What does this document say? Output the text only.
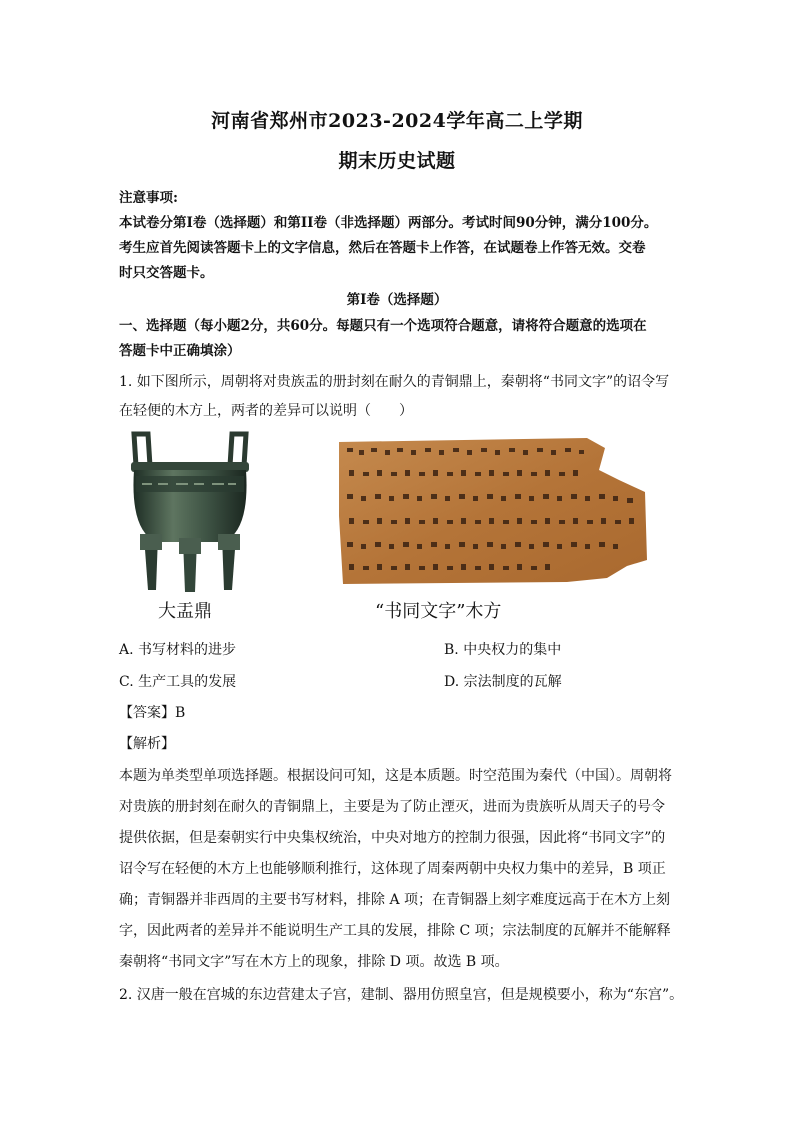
河南省郑州市2023-2024学年高二上学期
期末历史试题
注意事项:
本试卷分第I卷（选择题）和第II卷（非选择题）两部分。考试时间90分钟，满分100分。
考生应首先阅读答题卡上的文字信息，然后在答题卡上作答，在试题卷上作答无效。交卷
时只交答题卡。
第I卷（选择题）
一、选择题（每小题2分，共60分。每题只有一个选项符合题意，请将符合题意的选项在
答题卡中正确填涂）
1. 如下图所示，周朝将对贵族盂的册封刻在耐久的青铜鼎上，秦朝将“书同文字”的诏令写
在轻便的木方上，两者的差异可以说明（　　）
大盂鼎	“书同文字”木方
A. 书写材料的进步	B. 中央权力的集中
C. 生产工具的发展	D. 宗法制度的瓦解
【答案】B
【解析】
本题为单类型单项选择题。根据设问可知，这是本质题。时空范围为秦代（中国）。周朝将
对贵族的册封刻在耐久的青铜鼎上，主要是为了防止湮灭，进而为贵族听从周天子的号令
提供依据，但是秦朝实行中央集权统治，中央对地方的控制力很强，因此将“书同文字”的
诏令写在轻便的木方上也能够顺利推行，这体现了周秦两朝中央权力集中的差异，B 项正
确；青铜器并非西周的主要书写材料，排除 A 项；在青铜器上刻字难度远高于在木方上刻
字，因此两者的差异并不能说明生产工具的发展，排除 C 项；宗法制度的瓦解并不能解释
秦朝将“书同文字”写在木方上的现象，排除 D 项。故选 B 项。
2. 汉唐一般在宫城的东边营建太子宫，建制、器用仿照皇宫，但是规模要小，称为“东宫”。
